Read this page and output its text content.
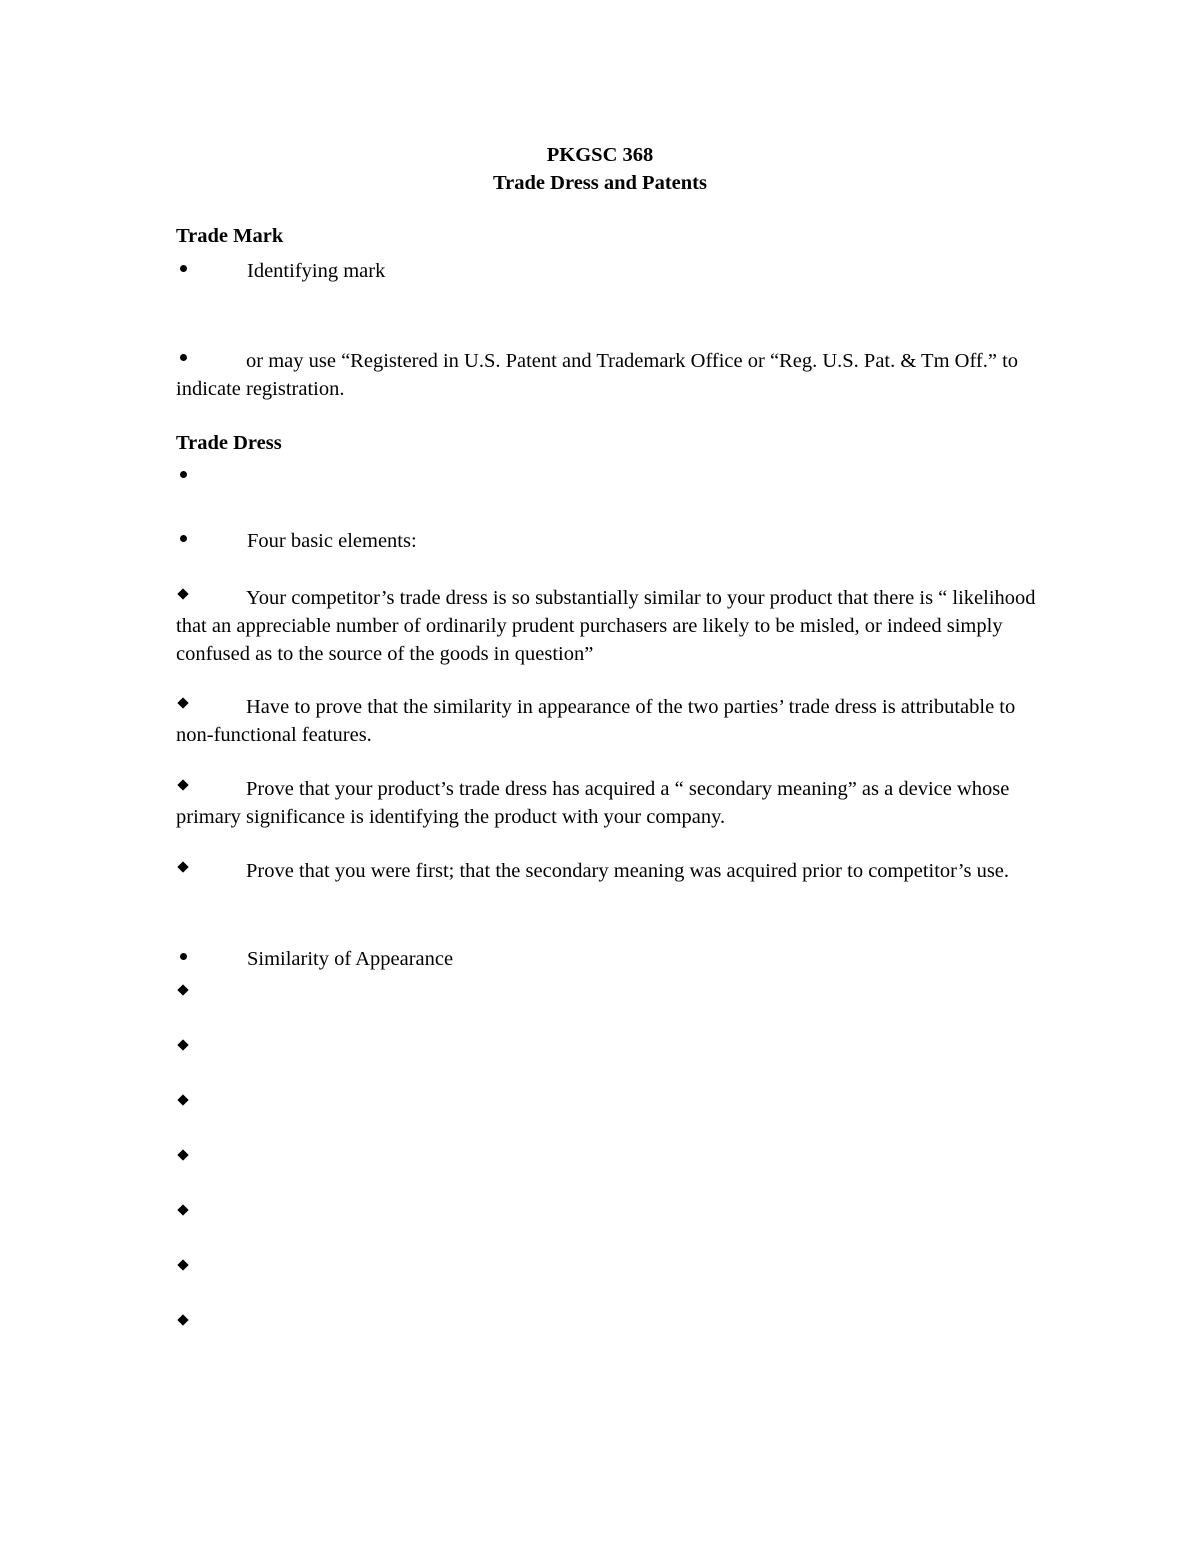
PKGSC 368
Trade Dress and Patents
Trade Mark
Identifying mark
or may use “Registered in U.S. Patent and Trademark Office or “Reg. U.S. Pat. & Tm Off.” to indicate registration.
Trade Dress
Four basic elements:
Your competitor’s trade dress is so substantially similar to your product that there is “ likelihood that an appreciable number of ordinarily prudent purchasers are likely to be misled, or indeed simply confused as to the source of the goods in question”
Have to prove that the similarity in appearance of the two parties’ trade dress is attributable to non-functional features.
Prove that your product’s trade dress has acquired a “ secondary meaning” as a device whose primary significance is identifying the product with your company.
Prove that you were first; that the secondary meaning was acquired prior to competitor’s use.
Similarity of Appearance
